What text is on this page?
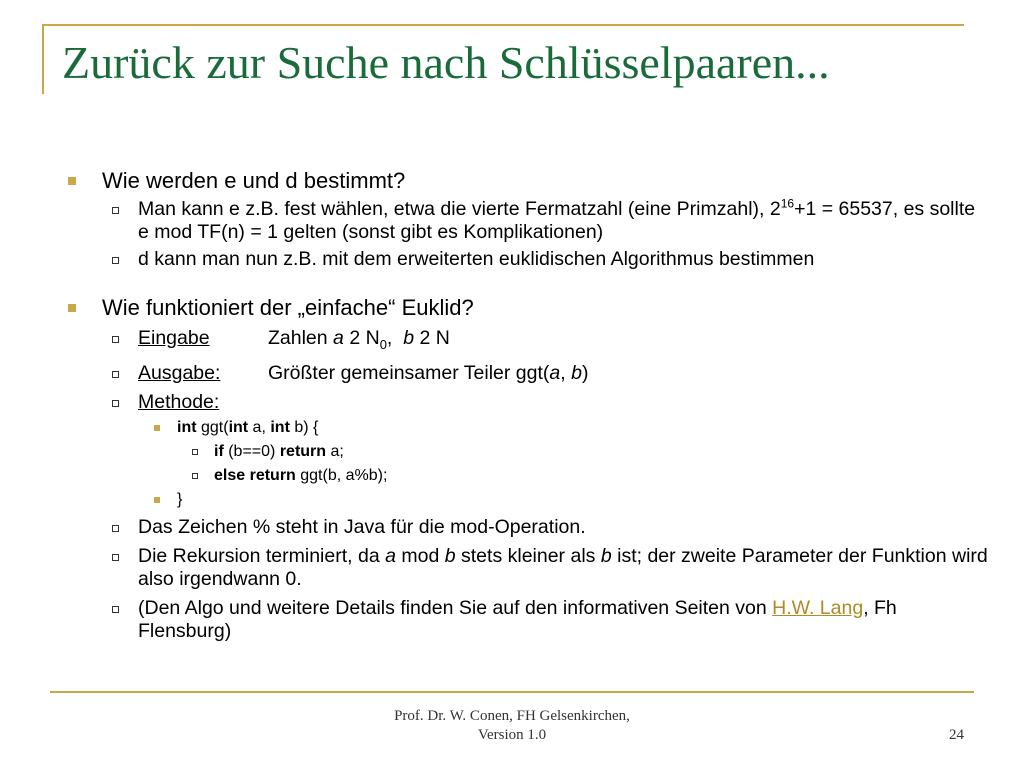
Zurück zur Suche nach Schlüsselpaaren...
Wie werden e und d bestimmt?
Man kann e z.B. fest wählen, etwa die vierte Fermatzahl (eine Primzahl), $2^{16}+1 = 65537$, es sollte e mod TF(n) = 1 gelten (sonst gibt es Komplikationen)
d kann man nun z.B. mit dem erweiterten euklidischen Algorithmus bestimmen
Wie funktioniert der „einfache“ Euklid?
Eingabe	Zahlen a 2 $N_0$, b 2 N
Ausgabe: Größter gemeinsamer Teiler ggt(a, b)
Methode:
int ggt(int a, int b) {
if (b==0) return a;
else return ggt(b, a%b);
}
Das Zeichen % steht in Java für die mod-Operation.
Die Rekursion terminiert, da a mod b stets kleiner als b ist; der zweite Parameter der Funktion wird also irgendwann 0.
(Den Algo und weitere Details finden Sie auf den informativen Seiten von H.W. Lang, Fh Flensburg)
Prof. Dr. W. Conen, FH Gelsenkirchen,
Version 1.0	24
